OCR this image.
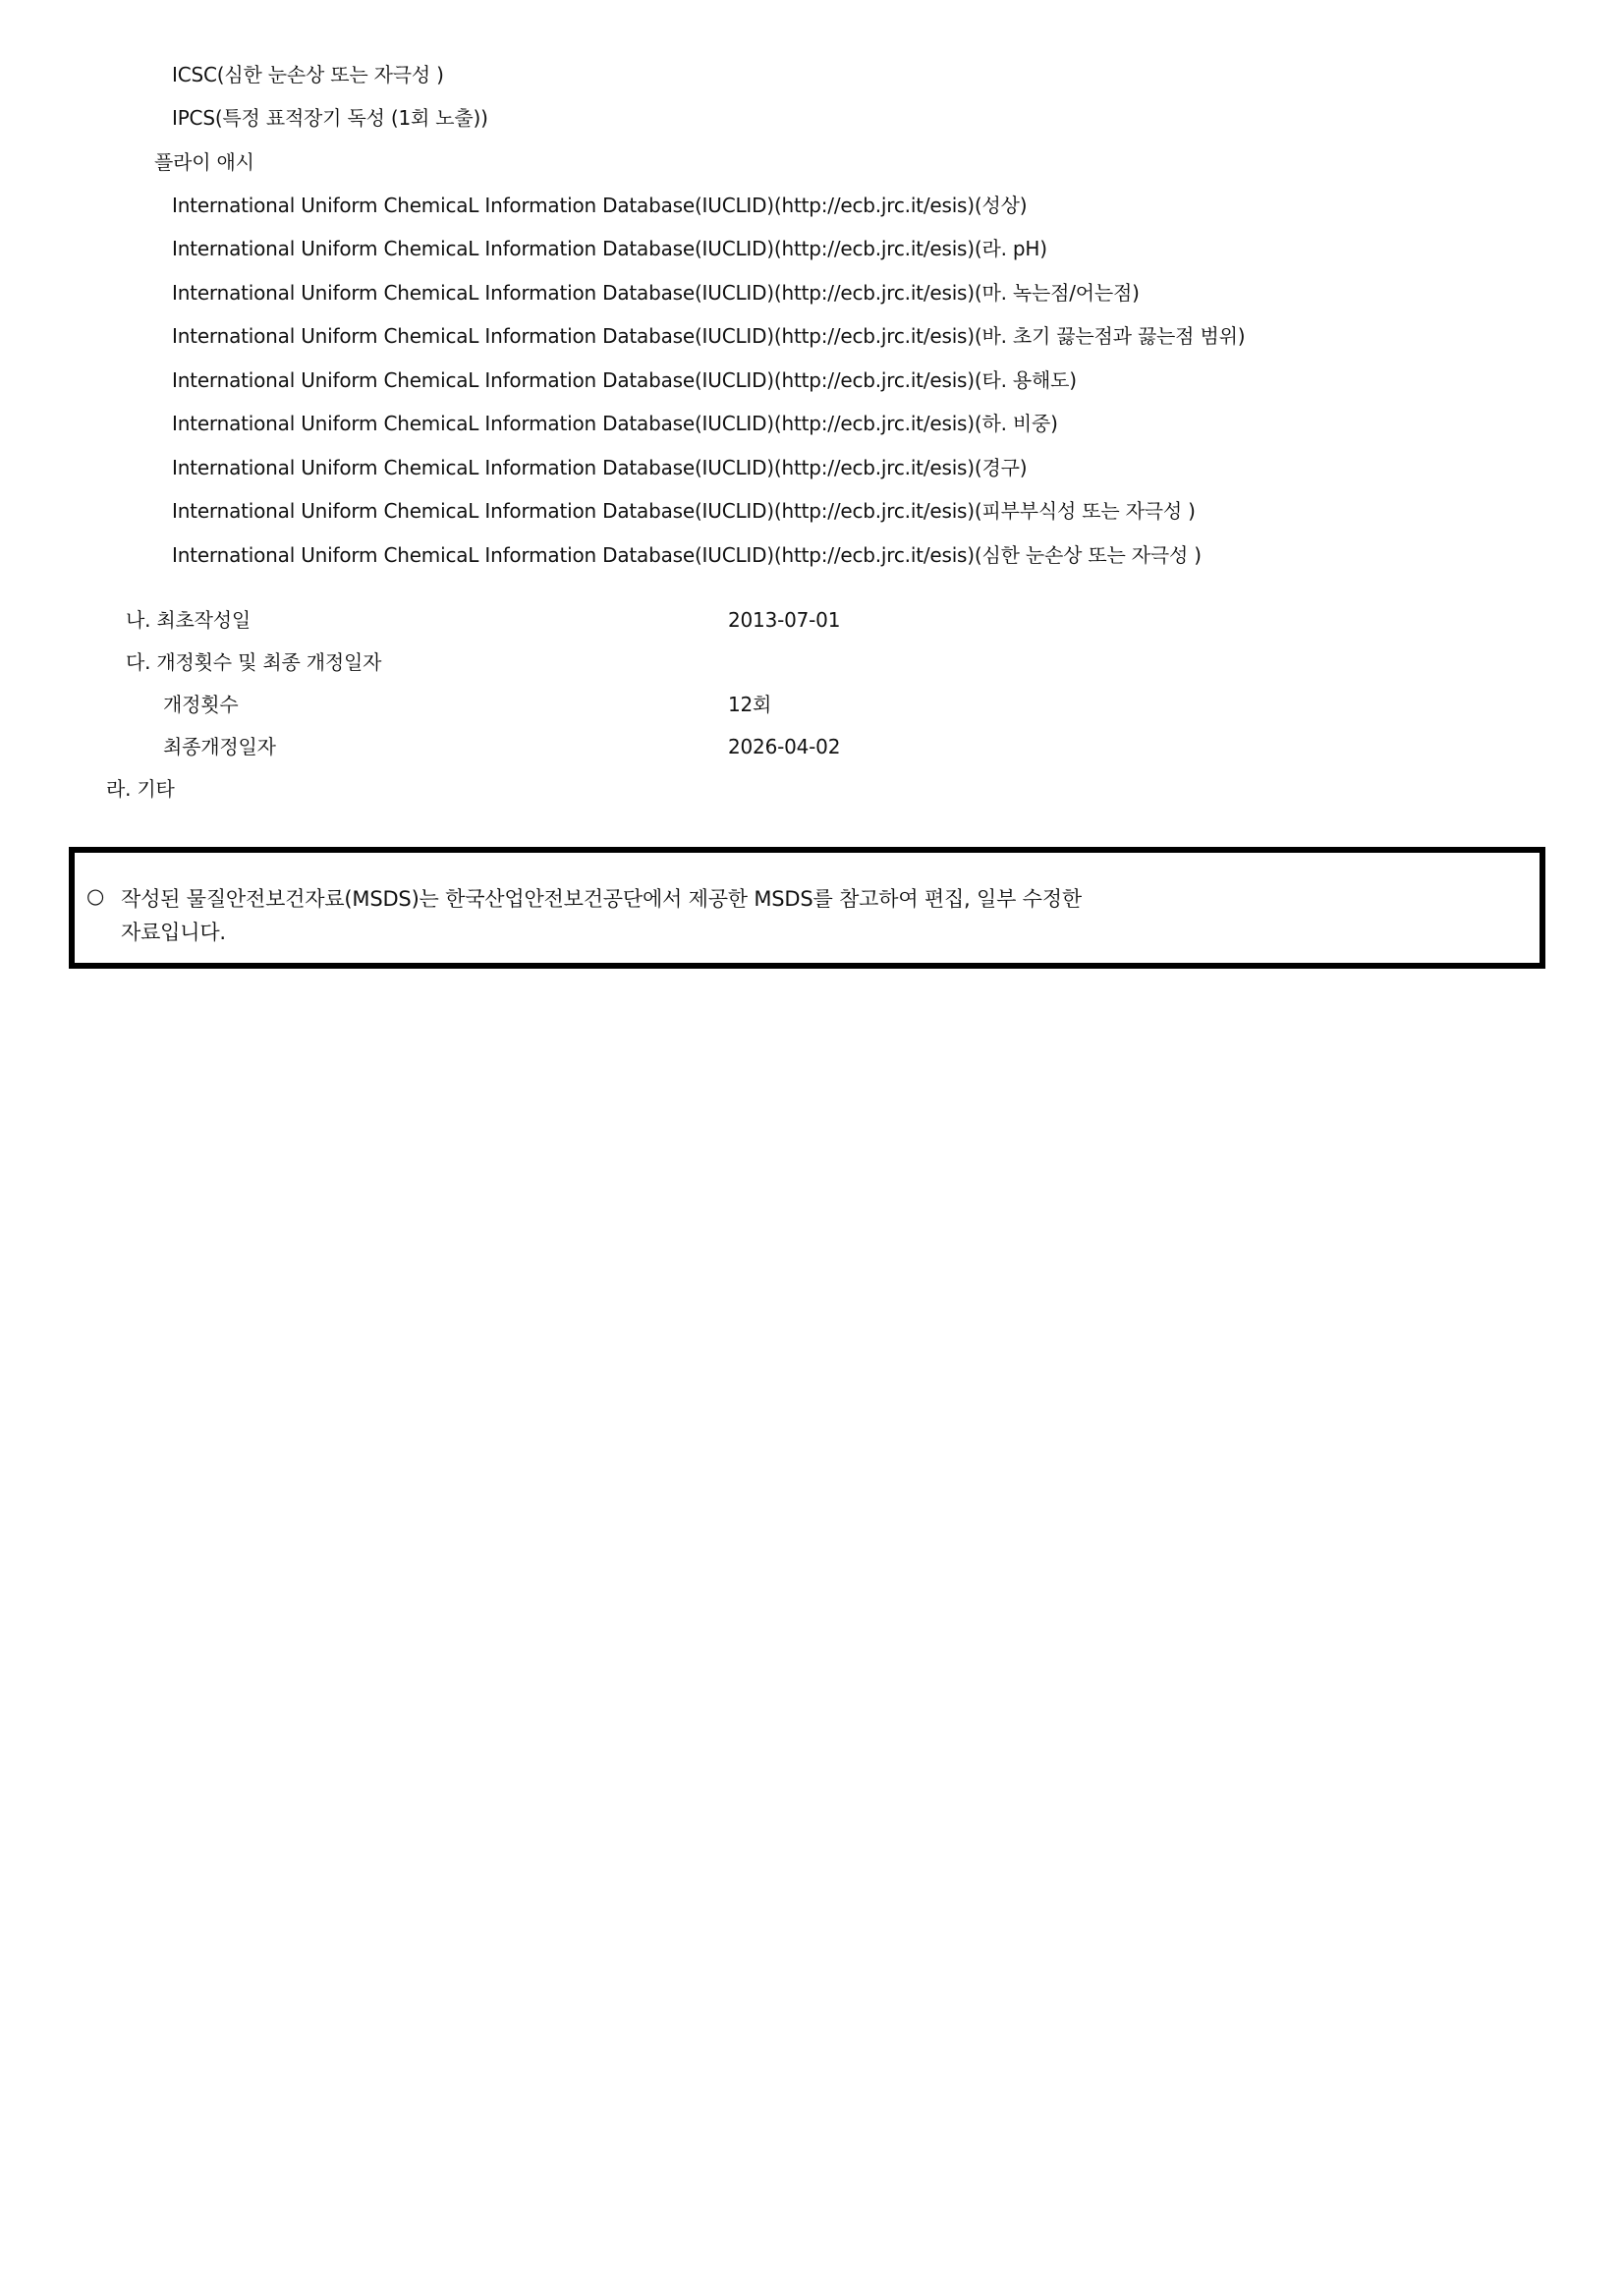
ICSC(심한 눈손상 또는 자극성 )
IPCS(특정 표적장기 독성 (1회 노출))
플라이 애시
International Uniform ChemicaL Information Database(IUCLID)(http://ecb.jrc.it/esis)(성상)
International Uniform ChemicaL Information Database(IUCLID)(http://ecb.jrc.it/esis)(라. pH)
International Uniform ChemicaL Information Database(IUCLID)(http://ecb.jrc.it/esis)(마. 녹는점/어는점)
International Uniform ChemicaL Information Database(IUCLID)(http://ecb.jrc.it/esis)(바. 초기 끓는점과 끓는점 범위)
International Uniform ChemicaL Information Database(IUCLID)(http://ecb.jrc.it/esis)(타. 용해도)
International Uniform ChemicaL Information Database(IUCLID)(http://ecb.jrc.it/esis)(하. 비중)
International Uniform ChemicaL Information Database(IUCLID)(http://ecb.jrc.it/esis)(경구)
International Uniform ChemicaL Information Database(IUCLID)(http://ecb.jrc.it/esis)(피부부식성 또는 자극성 )
International Uniform ChemicaL Information Database(IUCLID)(http://ecb.jrc.it/esis)(심한 눈손상 또는 자극성 )
나. 최초작성일	2013-07-01
다. 개정횟수 및 최종 개정일자
개정횟수	12회
최종개정일자	2026-04-02
라. 기타
○ 작성된 물질안전보건자료(MSDS)는 한국산업안전보건공단에서 제공한 MSDS를 참고하여 편집, 일부 수정한
자료입니다.
